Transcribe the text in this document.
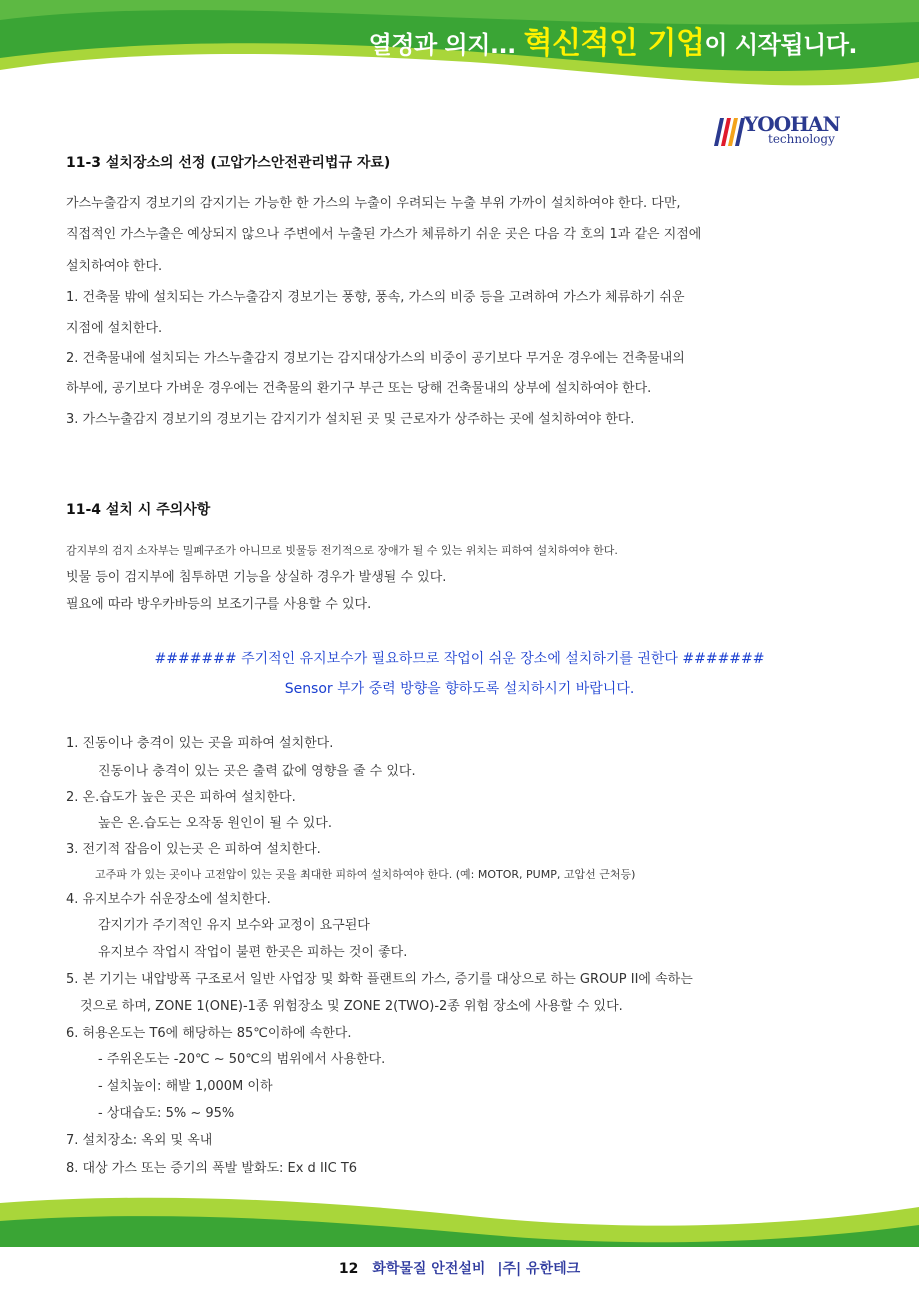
열정과 의지... 혁신적인 기업이 시작됩니다.
YOOHAN
technology
11-3 설치장소의 선정 (고압가스안전관리법규 자료)
가스누출감지 경보기의 감지기는 가능한 한 가스의 누출이 우려되는 누출 부위 가까이 설치하여야 한다. 다만,
직접적인 가스누출은 예상되지 않으나 주변에서 누출된 가스가 체류하기 쉬운 곳은 다음 각 호의 1과 같은 지점에
설치하여야 한다.
1. 건축물 밖에 설치되는 가스누출감지 경보기는 풍향, 풍속, 가스의 비중 등을 고려하여 가스가 체류하기 쉬운
지점에 설치한다.
2. 건축물내에 설치되는 가스누출감지 경보기는 감지대상가스의 비중이 공기보다 무거운 경우에는 건축물내의
하부에, 공기보다 가벼운 경우에는 건축물의 환기구 부근 또는 당해 건축물내의 상부에 설치하여야 한다.
3. 가스누출감지 경보기의 경보기는 감지기가 설치된 곳 및 근로자가 상주하는 곳에 설치하여야 한다.
11-4 설치 시 주의사항
감지부의 검지 소자부는 밀폐구조가 아니므로 빗물등 전기적으로 장애가 될 수 있는 위치는 피하여 설치하여야 한다.
빗물 등이 검지부에 침투하면 기능을 상실하 경우가 발생될 수 있다.
필요에 따라 방우카바등의 보조기구를 사용할 수 있다.
####### 주기적인 유지보수가 필요하므로 작업이 쉬운 장소에 설치하기를 권한다 #######
Sensor 부가 중력 방향을 향하도록 설치하시기 바랍니다.
1. 진동이나 충격이 있는 곳을 피하여 설치한다.
진동이나 충격이 있는 곳은 출력 값에 영향을 줄 수 있다.
2. 온.습도가 높은 곳은 피하여 설치한다.
높은 온.습도는 오작동 원인이 될 수 있다.
3. 전기적 잡음이 있는곳 은 피하여 설치한다.
고주파 가 있는 곳이나 고전압이 있는 곳을 최대한 피하여 설치하여야 한다. (예: MOTOR, PUMP, 고압선 근처등)
4. 유지보수가 쉬운장소에 설치한다.
감지기가 주기적인 유지 보수와 교정이 요구된다
유지보수 작업시 작업이 불편 한곳은 피하는 것이 좋다.
5. 본 기기는 내압방폭 구조로서 일반 사업장 및 화학 플랜트의 가스, 증기를 대상으로 하는 GROUP II에 속하는
것으로 하며, ZONE 1(ONE)-1종 위험장소 및 ZONE 2(TWO)-2종 위험 장소에 사용할 수 있다.
6. 허용온도는 T6에 해당하는 85℃이하에 속한다.
- 주위온도는 -20℃ ~ 50℃의 범위에서 사용한다.
- 설치높이: 해발 1,000M 이하
- 상대습도: 5% ~ 95%
7. 설치장소: 옥외 및 옥내
8. 대상 가스 또는 증기의 폭발 발화도: Ex d IIC T6
12 화학물질 안전설비 |주| 유한테크
